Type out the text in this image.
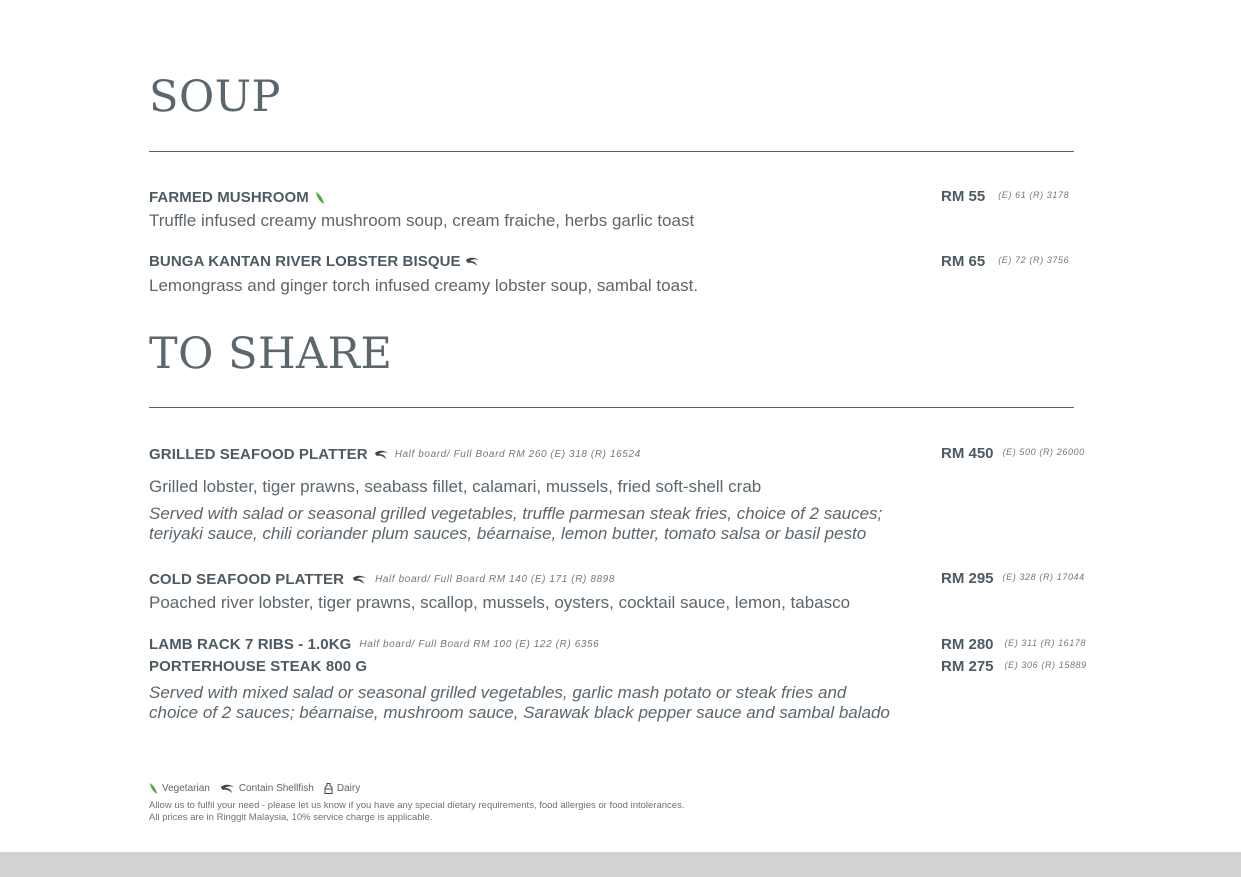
SOUP
FARMED MUSHROOM	RM 55 (E) 61 (R) 3178

Truffle infused creamy mushroom soup, cream fraiche, herbs garlic toast

BUNGA KANTAN RIVER LOBSTER BISQUE	RM 65 (E) 72 (R) 3756

Lemongrass and ginger torch infused creamy lobster soup, sambal toast.

TO SHARE
GRILLED SEAFOOD PLATTER	Half board/ Full Board RM 260 (E) 318 (R) 16524	RM 450 (E) 500 (R) 26000

Grilled lobster, tiger prawns, seabass fillet, calamari, mussels, fried soft-shell crab

Served with salad or seasonal grilled vegetables, truffle parmesan steak fries, choice of 2 sauces;

teriyaki sauce, chili coriander plum sauces, béarnaise, lemon butter, tomato salsa or basil pesto

COLD SEAFOOD PLATTER	Half board/ Full Board RM 140 (E) 171 (R) 8898	RM 295 (E) 328 (R) 17044

Poached river lobster, tiger prawns, scallop, mussels, oysters, cocktail sauce, lemon, tabasco

LAMB RACK 7 RIBS - 1.0KG Half board/ Full Board RM 100 (E) 122 (R) 6356	RM 280 (E) 311 (R) 16178
PORTERHOUSE STEAK 800 G	RM 275 (E) 306 (R) 15889

Served with mixed salad or seasonal grilled vegetables, garlic mash potato or steak fries and

choice of 2 sauces; béarnaise, mushroom sauce, Sarawak black pepper sauce and sambal balado

Vegetarian	Contain Shellfish Dairy

Allow us to fulfil your need - please let us know if you have any special dietary requirements, food allergies or food intolerances.

All prices are in Ringgit Malaysia, 10% service charge is applicable.
